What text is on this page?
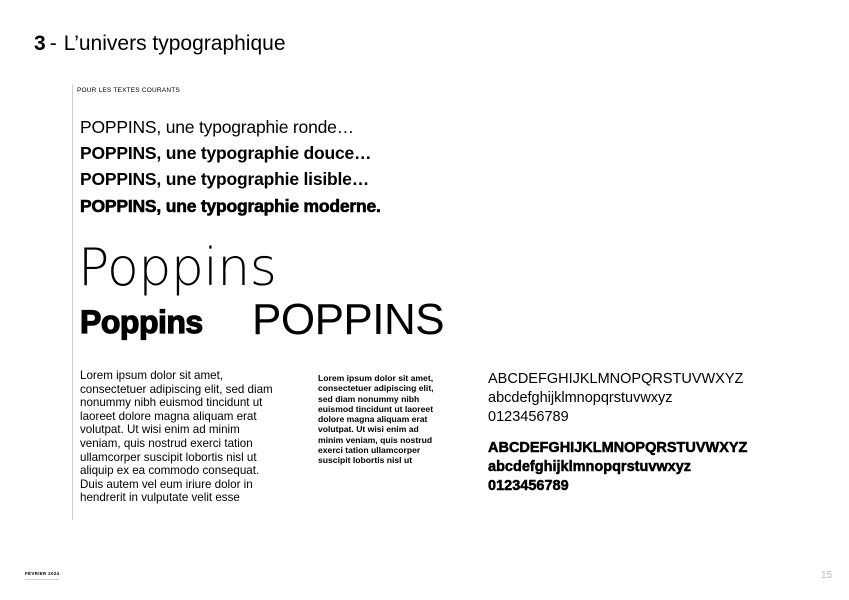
3 - L’univers typographique
POUR LES TEXTES COURANTS
POPPINS, une typographie ronde…
POPPINS, une typographie douce…
POPPINS, une typographie lisible…
POPPINS, une typographie moderne.
Poppins
Poppins POPPINS
Lorem ipsum dolor sit amet, consectetuer adipiscing elit, sed diam nonummy nibh euismod tincidunt ut laoreet dolore magna aliquam erat volutpat. Ut wisi enim ad minim veniam, quis nostrud exerci tation ullamcorper suscipit lobortis nisl ut aliquip ex ea commodo consequat. Duis autem vel eum iriure dolor in hendrerit in vulputate velit esse
Lorem ipsum dolor sit amet, consectetuer adipiscing elit, sed diam nonummy nibh euismod tincidunt ut laoreet dolore magna aliquam erat volutpat. Ut wisi enim ad minim veniam, quis nostrud exerci tation ullamcorper suscipit lobortis nisl ut
ABCDEFGHIJKLMNOPQRSTUVWXYZ
abcdefghijklmnopqrstuvwxyz
0123456789
ABCDEFGHIJKLMNOPQRSTUVWXYZ
abcdefghijklmnopqrstuvwxyz
0123456789
FÉVRIER 2024	15
